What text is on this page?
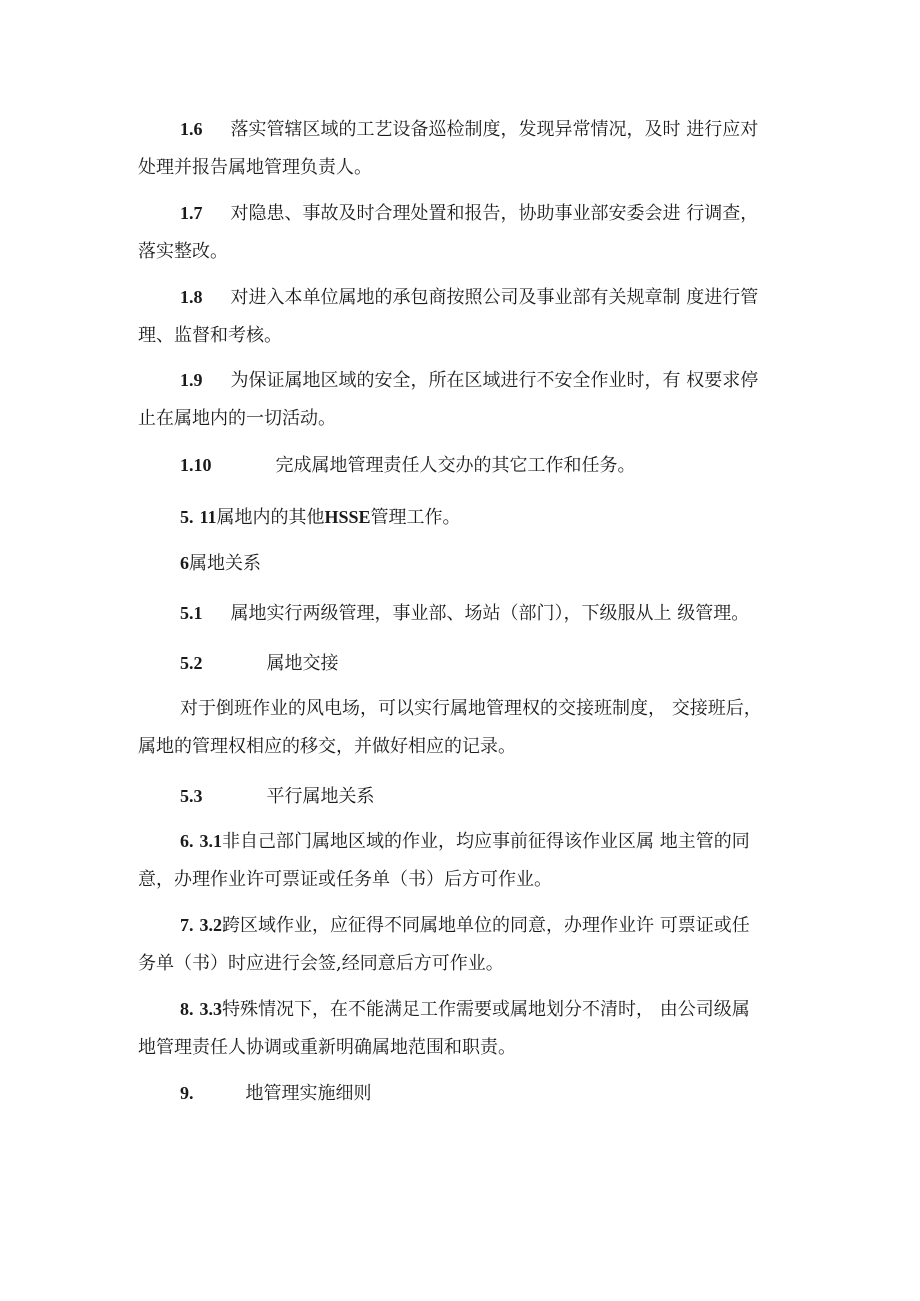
1.6 落实管辖区域的工艺设备巡检制度，发现异常情况，及时 进行应对
处理并报告属地管理负责人。
1.7 对隐患、事故及时合理处置和报告，协助事业部安委会进 行调查，
落实整改。
1.8 对进入本单位属地的承包商按照公司及事业部有关规章制 度进行管
理、监督和考核。
1.9 为保证属地区域的安全，所在区域进行不安全作业时，有 权要求停
止在属地内的一切活动。
1.10	完成属地管理责任人交办的其它工作和任务。
5. 11属地内的其他HSSE管理工作。
6属地关系
5.1 属地实行两级管理，事业部、场站（部门），下级服从上 级管理。
5.2	属地交接
对于倒班作业的风电场，可以实行属地管理权的交接班制度， 交接班后，
属地的管理权相应的移交，并做好相应的记录。
5.3	平行属地关系
6. 3.1非自己部门属地区域的作业，均应事前征得该作业区属 地主管的同
意，办理作业许可票证或任务单（书）后方可作业。
7. 3.2跨区域作业，应征得不同属地单位的同意，办理作业许 可票证或任
务单（书）时应进行会签,经同意后方可作业。
8. 3.3特殊情况下，在不能满足工作需要或属地划分不清时， 由公司级属
地管理责任人协调或重新明确属地范围和职责。
9.	地管理实施细则
